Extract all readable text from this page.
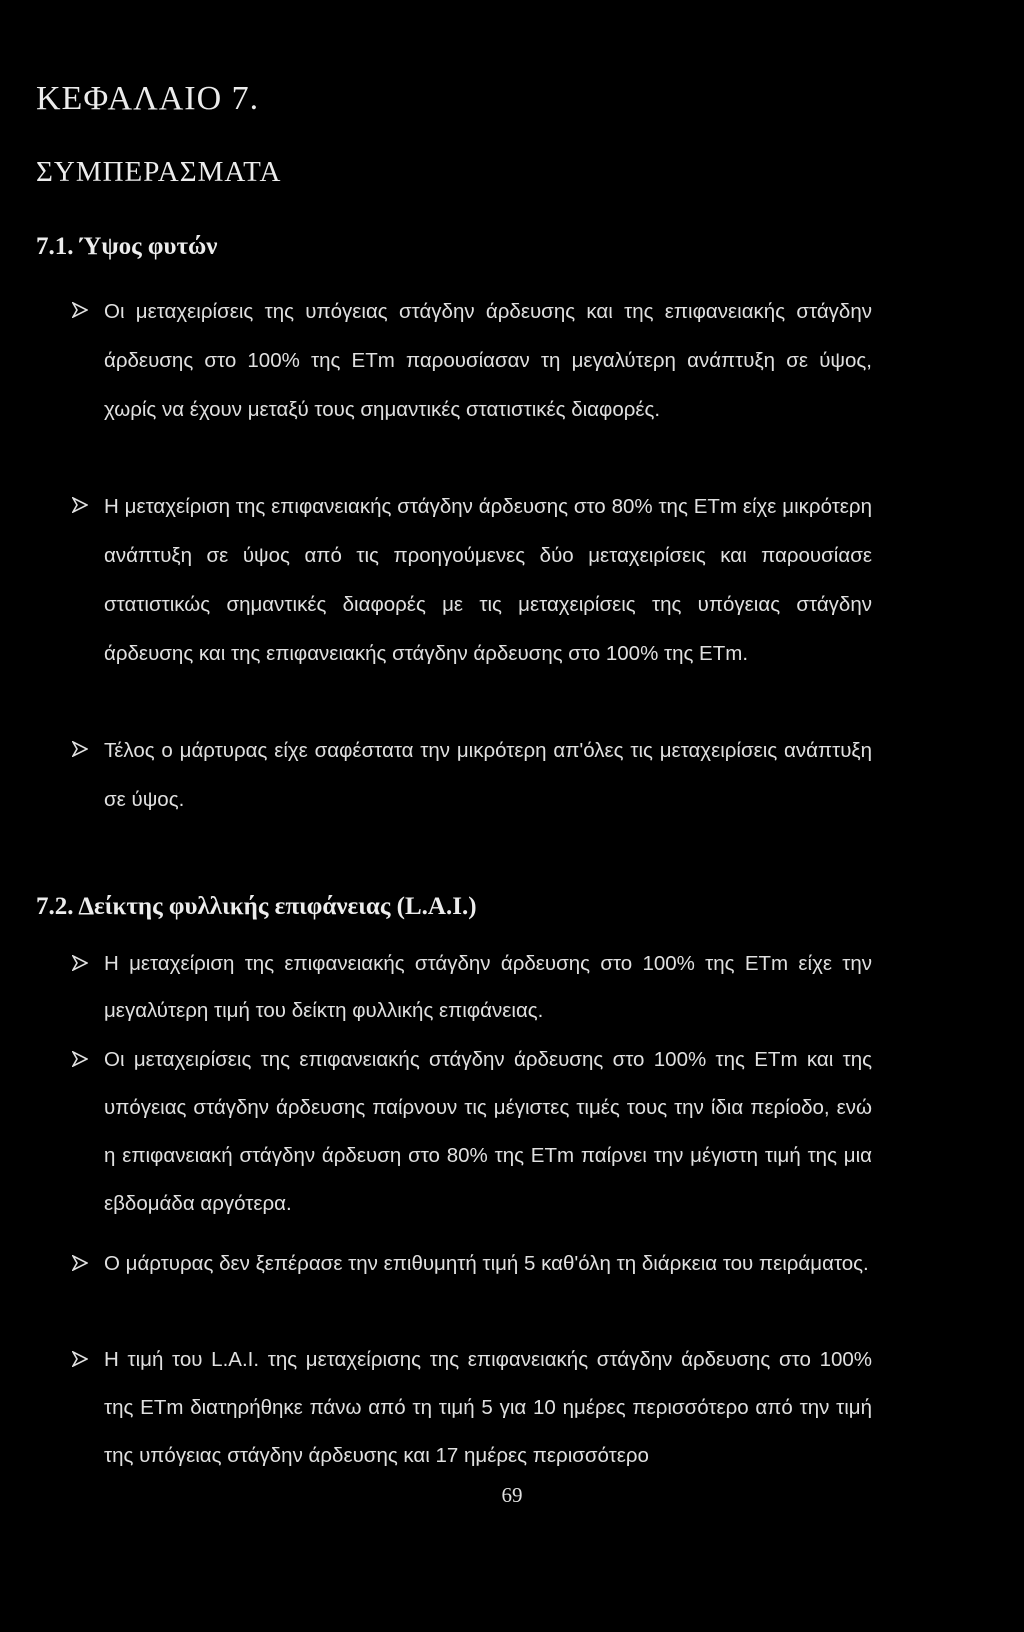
ΚΕΦΑΛΑΙΟ 7.
ΣΥΜΠΕΡΑΣΜΑΤΑ
7.1. Ύψος φυτών

Οι μεταχειρίσεις της υπόγειας στάγδην άρδευσης και της επιφανειακής στάγδην άρδευσης στο 100% της ETm παρουσίασαν τη μεγαλύτερη ανάπτυξη σε ύψος, χωρίς να έχουν μεταξύ τους σημαντικές στατιστικές διαφορές.

Η μεταχείριση της επιφανειακής στάγδην άρδευσης στο 80% της ETm είχε μικρότερη ανάπτυξη σε ύψος από τις προηγούμενες δύο μεταχειρίσεις και παρουσίασε στατιστικώς σημαντικές διαφορές με τις μεταχειρίσεις της υπόγειας στάγδην άρδευσης και της επιφανειακής στάγδην άρδευσης στο 100% της ETm.

Τέλος ο μάρτυρας είχε σαφέστατα την μικρότερη απ'όλες τις μεταχειρίσεις ανάπτυξη σε ύψος.

7.2. Δείκτης φυλλικής επιφάνειας (L.A.I.)

Η μεταχείριση της επιφανειακής στάγδην άρδευσης στο 100% της ETm είχε την μεγαλύτερη τιμή του δείκτη φυλλικής επιφάνειας.

Οι μεταχειρίσεις της επιφανειακής στάγδην άρδευσης στο 100% της ETm και της υπόγειας στάγδην άρδευσης παίρνουν τις μέγιστες τιμές τους την ίδια περίοδο, ενώ η επιφανειακή στάγδην άρδευση στο 80% της ETm παίρνει την μέγιστη τιμή της μια εβδομάδα αργότερα.

Ο μάρτυρας δεν ξεπέρασε την επιθυμητή τιμή 5 καθ'όλη τη διάρκεια του πειράματος.

Η τιμή του L.A.I. της μεταχείρισης της επιφανειακής στάγδην άρδευσης στο 100% της ETm διατηρήθηκε πάνω από τη τιμή 5 για 10 ημέρες περισσότερο από την τιμή της υπόγειας στάγδην άρδευσης και 17 ημέρες περισσότερο

69
